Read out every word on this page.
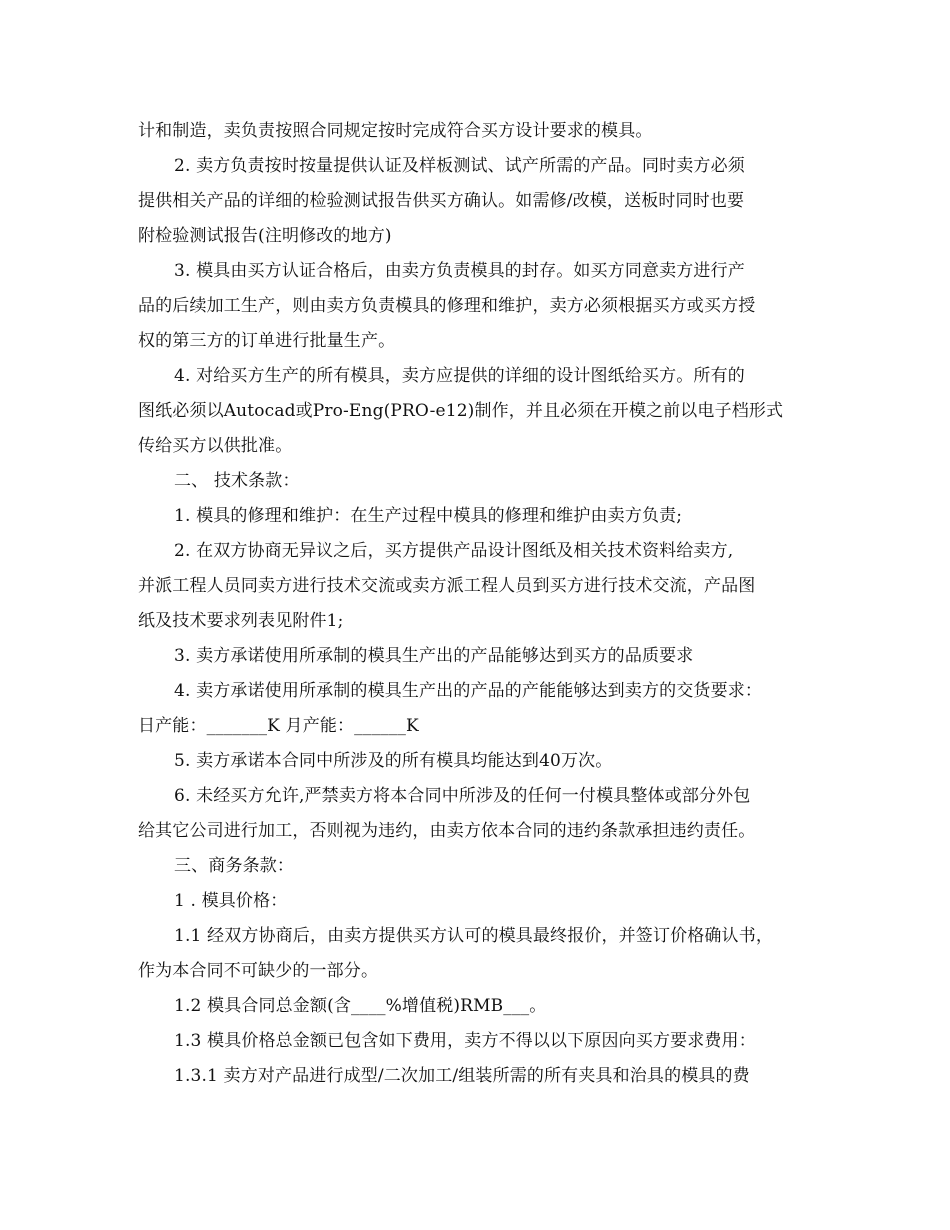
计和制造，卖负责按照合同规定按时完成符合买方设计要求的模具。
2. 卖方负责按时按量提供认证及样板测试、试产所需的产品。同时卖方必须
提供相关产品的详细的检验测试报告供买方确认。如需修/改模，送板时同时也要
附检验测试报告(注明修改的地方)
3. 模具由买方认证合格后，由卖方负责模具的封存。如买方同意卖方进行产
品的后续加工生产，则由卖方负责模具的修理和维护，卖方必须根据买方或买方授
权的第三方的订单进行批量生产。
4. 对给买方生产的所有模具，卖方应提供的详细的设计图纸给买方。所有的
图纸必须以Autocad或Pro-Eng(PRO-e12)制作，并且必须在开模之前以电子档形式
传给买方以供批准。
二、 技术条款：
1. 模具的修理和维护：在生产过程中模具的修理和维护由卖方负责;
2. 在双方协商无异议之后，买方提供产品设计图纸及相关技术资料给卖方,
并派工程人员同卖方进行技术交流或卖方派工程人员到买方进行技术交流，产品图
纸及技术要求列表见附件1;
3. 卖方承诺使用所承制的模具生产出的产品能够达到买方的品质要求
4. 卖方承诺使用所承制的模具生产出的产品的产能能够达到卖方的交货要求：
日产能：_______K 月产能：______K
5. 卖方承诺本合同中所涉及的所有模具均能达到40万次。
6. 未经买方允许,严禁卖方将本合同中所涉及的任何一付模具整体或部分外包
给其它公司进行加工，否则视为违约，由卖方依本合同的违约条款承担违约责任。
三、商务条款：
1 . 模具价格：
1.1 经双方协商后，由卖方提供买方认可的模具最终报价，并签订价格确认书，
作为本合同不可缺少的一部分。
1.2 模具合同总金额(含____%增值税)RMB___。
1.3 模具价格总金额已包含如下费用，卖方不得以以下原因向买方要求费用：
1.3.1 卖方对产品进行成型/二次加工/组装所需的所有夹具和治具的模具的费
